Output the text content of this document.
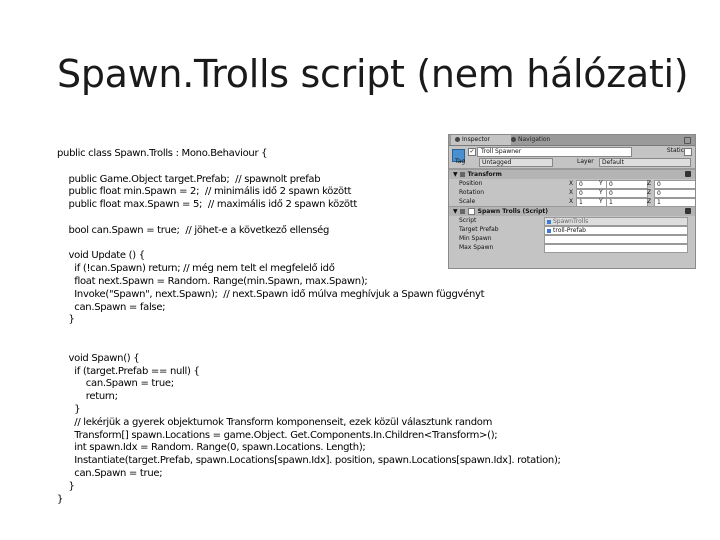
Spawn.Trolls script (nem hálózati)
public class Spawn.Trolls : Mono.Behaviour {
public Game.Object target.Prefab;  // spawnolt prefab
public float min.Spawn = 2;  // minimális idő 2 spawn között
public float max.Spawn = 5;  // maximális idő 2 spawn között
bool can.Spawn = true;  // jöhet-e a következő ellenség
void Update () {
if (!can.Spawn) return; // még nem telt el megfelelő idő
float next.Spawn = Random. Range(min.Spawn, max.Spawn);
Invoke("Spawn", next.Spawn);  // next.Spawn idő múlva meghívjuk a Spawn függvényt
can.Spawn = false;
}
void Spawn() {
if (target.Prefab == null) {
can.Spawn = true;
return;
}
// lekérjük a gyerek objektumok Transform komponenseit, ezek közül választunk random
Transform[] spawn.Locations = game.Object. Get.Components.In.Children<Transform>();
int spawn.Idx = Random. Range(0, spawn.Locations. Length);
Instantiate(target.Prefab, spawn.Locations[spawn.Idx]. position, spawn.Locations[spawn.Idx]. rotation);
can.Spawn = true;
}
}
Inspector	Navigation
✓	Troll Spawner	Static
Tag	Untagged	Layer	Default
▼ Transform
Position	X 0	Y	0	Z 0
Rotation	X 0	Y	0	Z 0
Scale	X 1	Y	1	Z 1
▼	Spawn Trolls (Script)
Script	SpawnTrolls
Target Prefab	troll-Prefab
Min Spawn
Max Spawn
